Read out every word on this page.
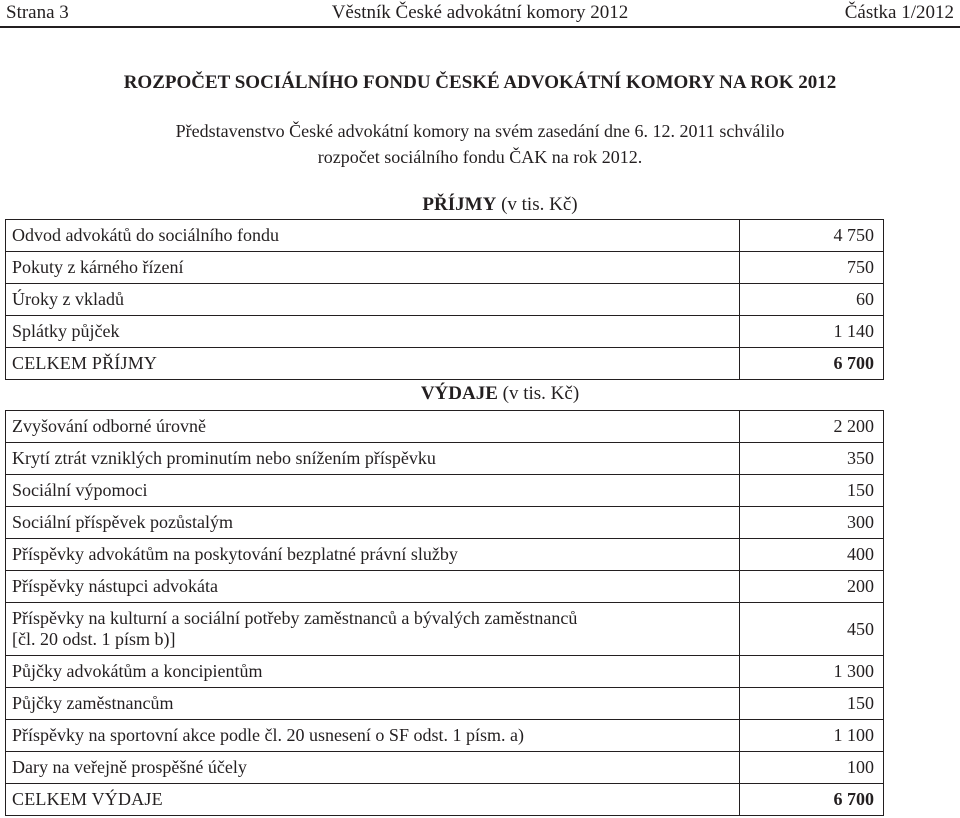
Strana 3	Věstník České advokátní komory 2012	Částka 1/2012
ROZPOČET SOCIÁLNÍHO FONDU ČESKÉ ADVOKÁTNÍ KOMORY NA ROK 2012
Představenstvo České advokátní komory na svém zasedání dne 6. 12. 2011 schválilo
rozpočet sociálního fondu ČAK na rok 2012.
PŘÍJMY (v tis. Kč)
Odvod advokátů do sociálního fondu	4 750
Pokuty z kárného řízení	750
Úroky z vkladů	60
Splátky půjček	1 140
CELKEM PŘÍJMY	6 700
VÝDAJE (v tis. Kč)
Zvyšování odborné úrovně	2 200
Krytí ztrát vzniklých prominutím nebo snížením příspěvku	350
Sociální výpomoci	150
Sociální příspěvek pozůstalým	300
Příspěvky advokátům na poskytování bezplatné právní služby	400
Příspěvky nástupci advokáta	200

Příspěvky na kulturní a sociální potřeby zaměstnanců a bývalých zaměstnanců
[čl. 20 odst. 1 písm b)]	450
Půjčky advokátům a koncipientům	1 300
Půjčky zaměstnancům	150
Příspěvky na sportovní akce podle čl. 20 usnesení o SF odst. 1 písm. a)	1 100
Dary na veřejně prospěšné účely	100
CELKEM VÝDAJE	6 700
